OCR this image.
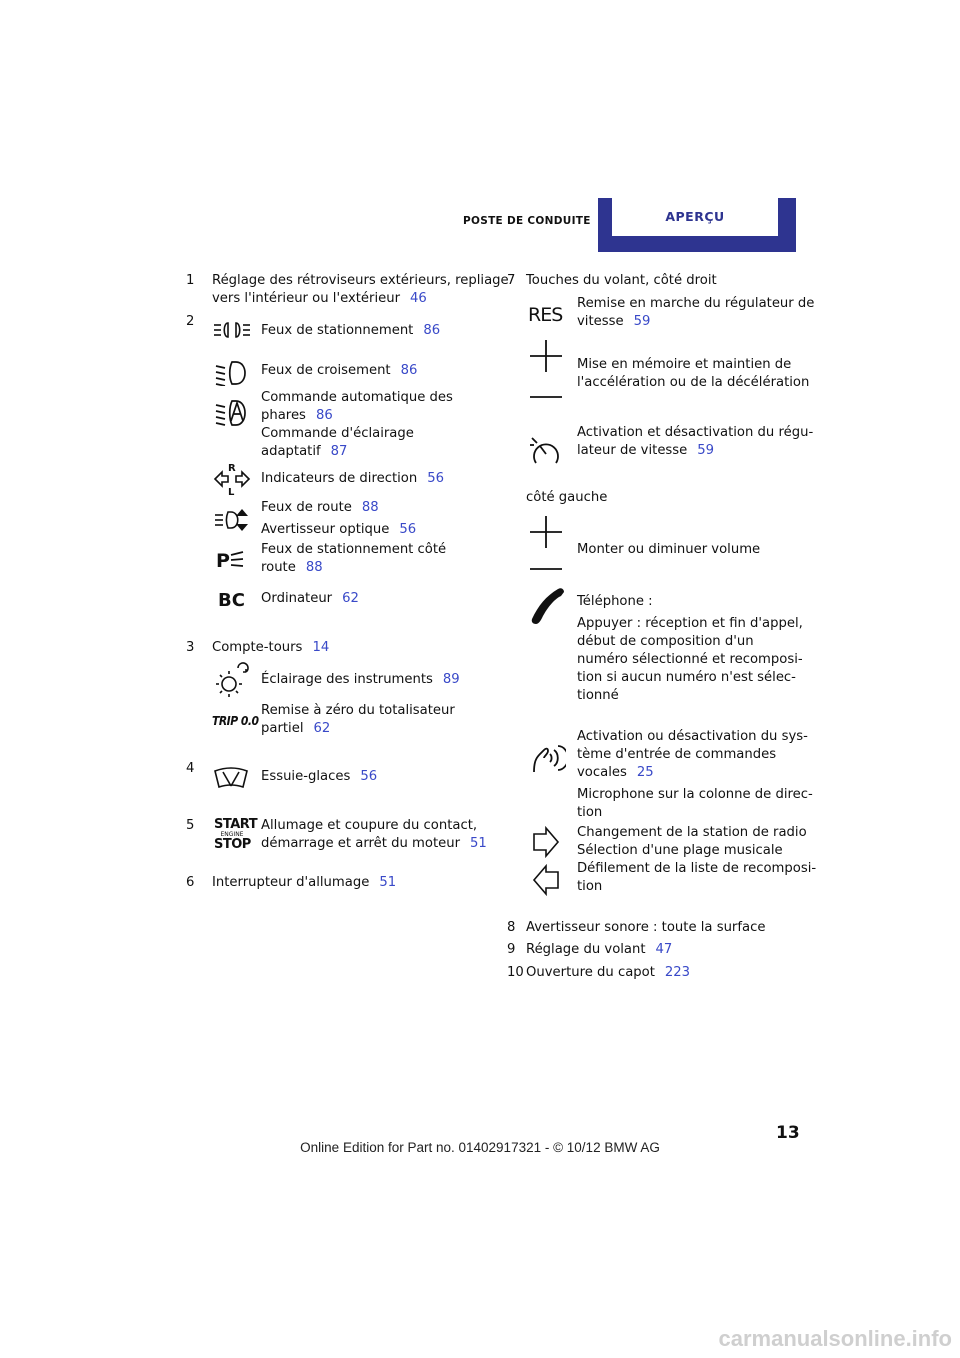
POSTE DE CONDUITE	APERÇU
1 Réglage des rétroviseurs extérieurs, repliage
vers l'intérieur ou l'extérieur 46
2
Feux de stationnement 86
Feux de croisement 86
Commande automatique des
phares 86
Commande d'éclairage
adaptatif 87
R
L
Indicateurs de direction 56
Feux de route 88
Avertisseur optique 56
P
Feux de stationnement côté
route 88
BC Ordinateur 62
3 Compte-tours 14
Éclairage des instruments 89
TRIP 0.0
Remise à zéro du totalisateur
partiel 62
4
Essuie-glaces 56
5 START
ENGINE
STOP
Allumage et coupure du contact,
démarrage et arrêt du moteur 51
6 Interrupteur d'allumage 51
7 Touches du volant, côté droit
RES
Remise en marche du régulateur de
vitesse 59
Mise en mémoire et maintien de
l'accélération ou de la décélération
Activation et désactivation du régu-
lateur de vitesse 59
côté gauche
Monter ou diminuer volume
Téléphone :
Appuyer : réception et fin d'appel,
début de composition d'un
numéro sélectionné et recomposi-
tion si aucun numéro n'est sélec-
tionné
Activation ou désactivation du sys-
tème d'entrée de commandes
vocales 25
Microphone sur la colonne de direc-
tion
Changement de la station de radio
Sélection d'une plage musicale
Défilement de la liste de recomposi-
tion
8 Avertisseur sonore : toute la surface
9 Réglage du volant 47
10 Ouverture du capot 223
13
Online Edition for Part no. 01402917321 - © 10/12 BMW AG
carmanualsonline.info
